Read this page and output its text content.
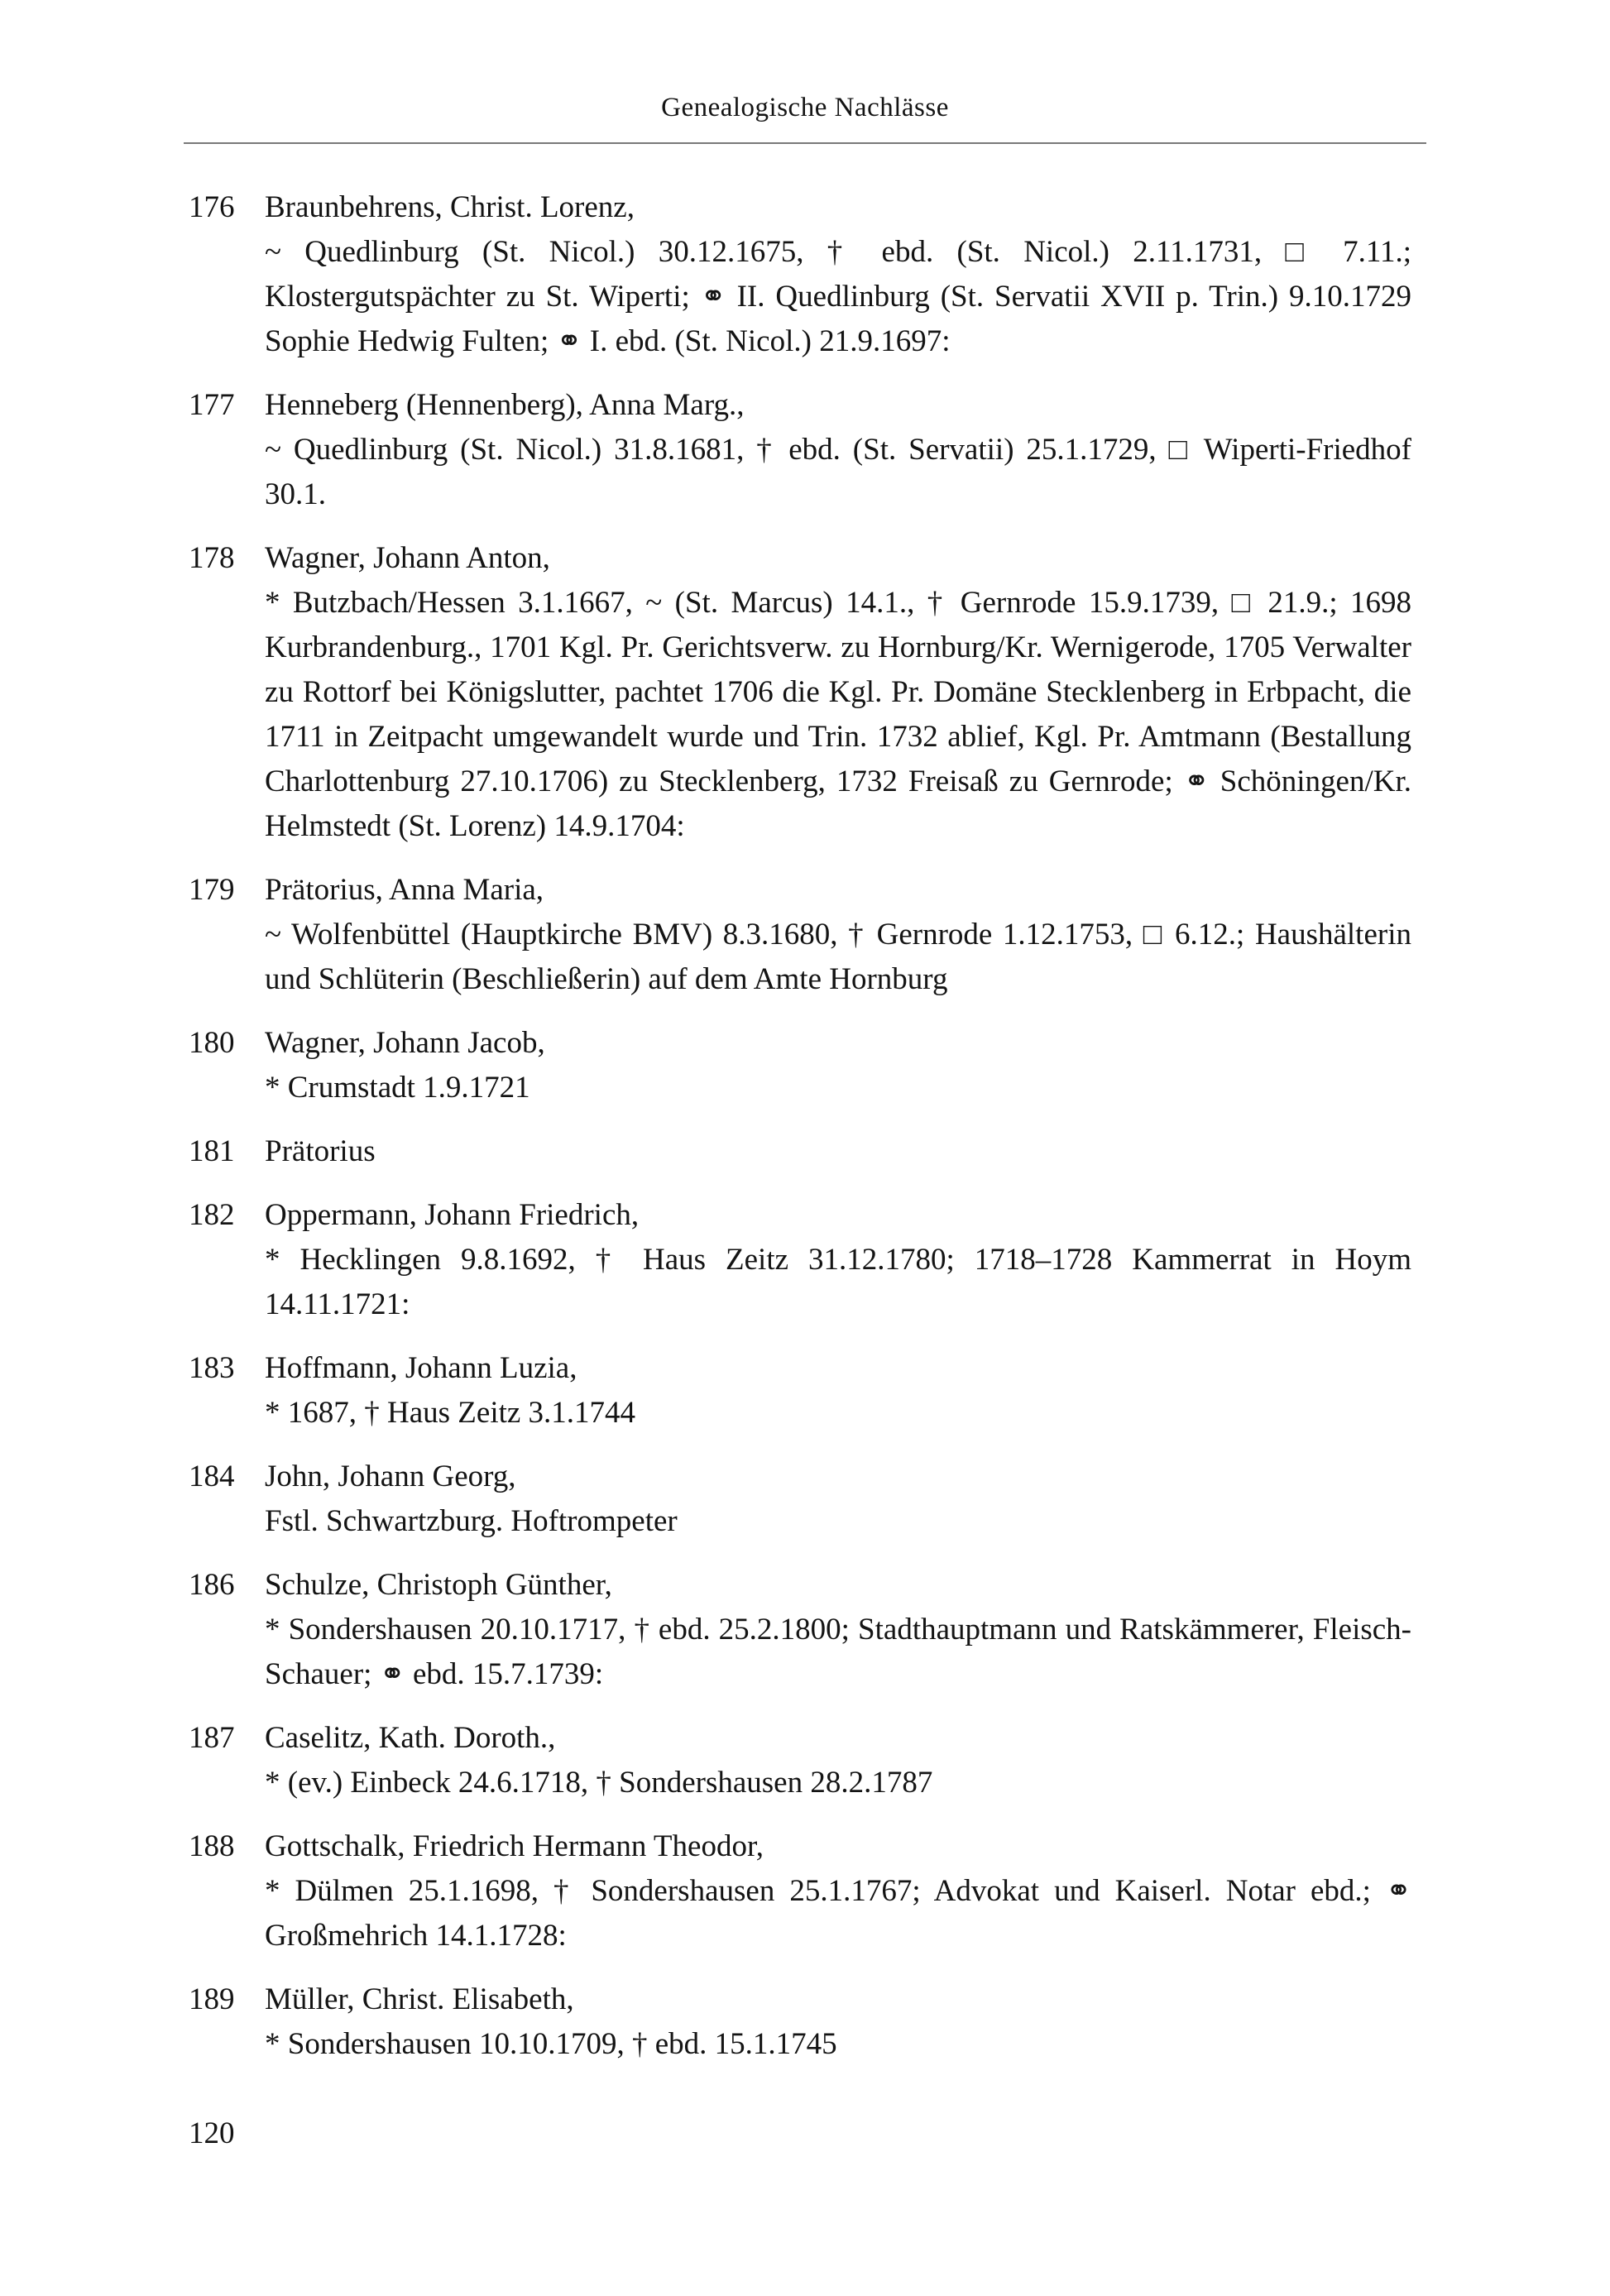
Genealogische Nachlässe
176 Braunbehrens, Christ. Lorenz,
~ Quedlinburg (St. Nicol.) 30.12.1675, † ebd. (St. Nicol.) 2.11.1731, □ 7.11.; Klostergutspächter zu St. Wiperti; ⚭ II. Quedlinburg (St. Servatii XVII p. Trin.) 9.10.1729 Sophie Hedwig Fulten; ⚭ I. ebd. (St. Nicol.) 21.9.1697:
177 Henneberg (Hennenberg), Anna Marg.,
~ Quedlinburg (St. Nicol.) 31.8.1681, † ebd. (St. Servatii) 25.1.1729, □ Wiperti-Friedhof 30.1.
178 Wagner, Johann Anton,
* Butzbach/Hessen 3.1.1667, ~ (St. Marcus) 14.1., † Gernrode 15.9.1739, □ 21.9.; 1698 Kurbrandenburg., 1701 Kgl. Pr. Gerichtsverw. zu Hornburg/Kr. Wernigerode, 1705 Verwalter zu Rottorf bei Königslutter, pachtet 1706 die Kgl. Pr. Domäne Stecklenberg in Erbpacht, die 1711 in Zeitpacht umgewandelt wurde und Trin. 1732 ablief, Kgl. Pr. Amtmann (Bestallung Charlottenburg 27.10.1706) zu Stecklenberg, 1732 Freisaß zu Gernrode; ⚭ Schöningen/Kr. Helmstedt (St. Lorenz) 14.9.1704:
179 Prätorius, Anna Maria,
~ Wolfenbüttel (Hauptkirche BMV) 8.3.1680, † Gernrode 1.12.1753, □ 6.12.; Haushälterin und Schlüterin (Beschließerin) auf dem Amte Hornburg
180 Wagner, Johann Jacob,
* Crumstadt 1.9.1721
181 Prätorius
182 Oppermann, Johann Friedrich,
* Hecklingen 9.8.1692, † Haus Zeitz 31.12.1780; 1718–1728 Kammerrat in Hoym 14.11.1721:
183 Hoffmann, Johann Luzia,
* 1687, † Haus Zeitz 3.1.1744
184 John, Johann Georg,
Fstl. Schwartzburg. Hoftrompeter
186 Schulze, Christoph Günther,
* Sondershausen 20.10.1717, † ebd. 25.2.1800; Stadthauptmann und Ratskämmerer, Fleisch-Schauer; ⚭ ebd. 15.7.1739:
187 Caselitz, Kath. Doroth.,
* (ev.) Einbeck 24.6.1718, † Sondershausen 28.2.1787
188 Gottschalk, Friedrich Hermann Theodor,
* Dülmen 25.1.1698, † Sondershausen 25.1.1767; Advokat und Kaiserl. Notar ebd.; ⚭ Großmehrich 14.1.1728:
189 Müller, Christ. Elisabeth,
* Sondershausen 10.10.1709, † ebd. 15.1.1745
120
